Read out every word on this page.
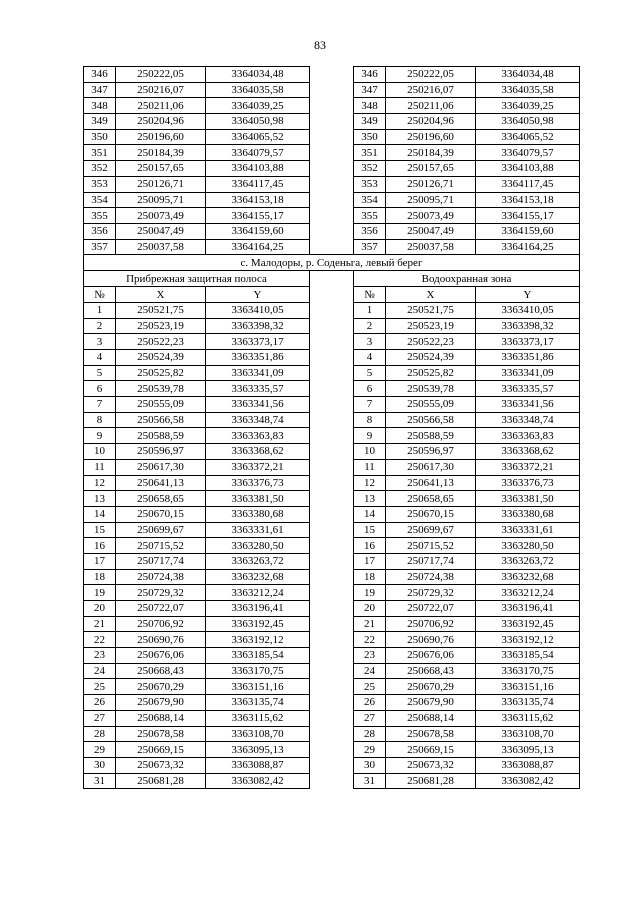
83
346	250222,05	3364034,48		346	250222,05	3364034,48
347	250216,07	3364035,58		347	250216,07	3364035,58
348	250211,06	3364039,25		348	250211,06	3364039,25
349	250204,96	3364050,98		349	250204,96	3364050,98
350	250196,60	3364065,52		350	250196,60	3364065,52
351	250184,39	3364079,57		351	250184,39	3364079,57
352	250157,65	3364103,88		352	250157,65	3364103,88
353	250126,71	3364117,45		353	250126,71	3364117,45
354	250095,71	3364153,18		354	250095,71	3364153,18
355	250073,49	3364155,17		355	250073,49	3364155,17
356	250047,49	3364159,60		356	250047,49	3364159,60
357	250037,58	3364164,25		357	250037,58	3364164,25
с. Малодоры, р. Соденьга, левый берег						
Прибрежная защитная полоса				Водоохранная зона		
№	X	Y		№	X	Y
1	250521,75	3363410,05		1	250521,75	3363410,05
2	250523,19	3363398,32		2	250523,19	3363398,32
3	250522,23	3363373,17		3	250522,23	3363373,17
4	250524,39	3363351,86		4	250524,39	3363351,86
5	250525,82	3363341,09		5	250525,82	3363341,09
6	250539,78	3363335,57		6	250539,78	3363335,57
7	250555,09	3363341,56		7	250555,09	3363341,56
8	250566,58	3363348,74		8	250566,58	3363348,74
9	250588,59	3363363,83		9	250588,59	3363363,83
10	250596,97	3363368,62		10	250596,97	3363368,62
11	250617,30	3363372,21		11	250617,30	3363372,21
12	250641,13	3363376,73		12	250641,13	3363376,73
13	250658,65	3363381,50		13	250658,65	3363381,50
14	250670,15	3363380,68		14	250670,15	3363380,68
15	250699,67	3363331,61		15	250699,67	3363331,61
16	250715,52	3363280,50		16	250715,52	3363280,50
17	250717,74	3363263,72		17	250717,74	3363263,72
18	250724,38	3363232,68		18	250724,38	3363232,68
19	250729,32	3363212,24		19	250729,32	3363212,24
20	250722,07	3363196,41		20	250722,07	3363196,41
21	250706,92	3363192,45		21	250706,92	3363192,45
22	250690,76	3363192,12		22	250690,76	3363192,12
23	250676,06	3363185,54		23	250676,06	3363185,54
24	250668,43	3363170,75		24	250668,43	3363170,75
25	250670,29	3363151,16		25	250670,29	3363151,16
26	250679,90	3363135,74		26	250679,90	3363135,74
27	250688,14	3363115,62		27	250688,14	3363115,62
28	250678,58	3363108,70		28	250678,58	3363108,70
29	250669,15	3363095,13		29	250669,15	3363095,13
30	250673,32	3363088,87		30	250673,32	3363088,87
31	250681,28	3363082,42		31	250681,28	3363082,42
